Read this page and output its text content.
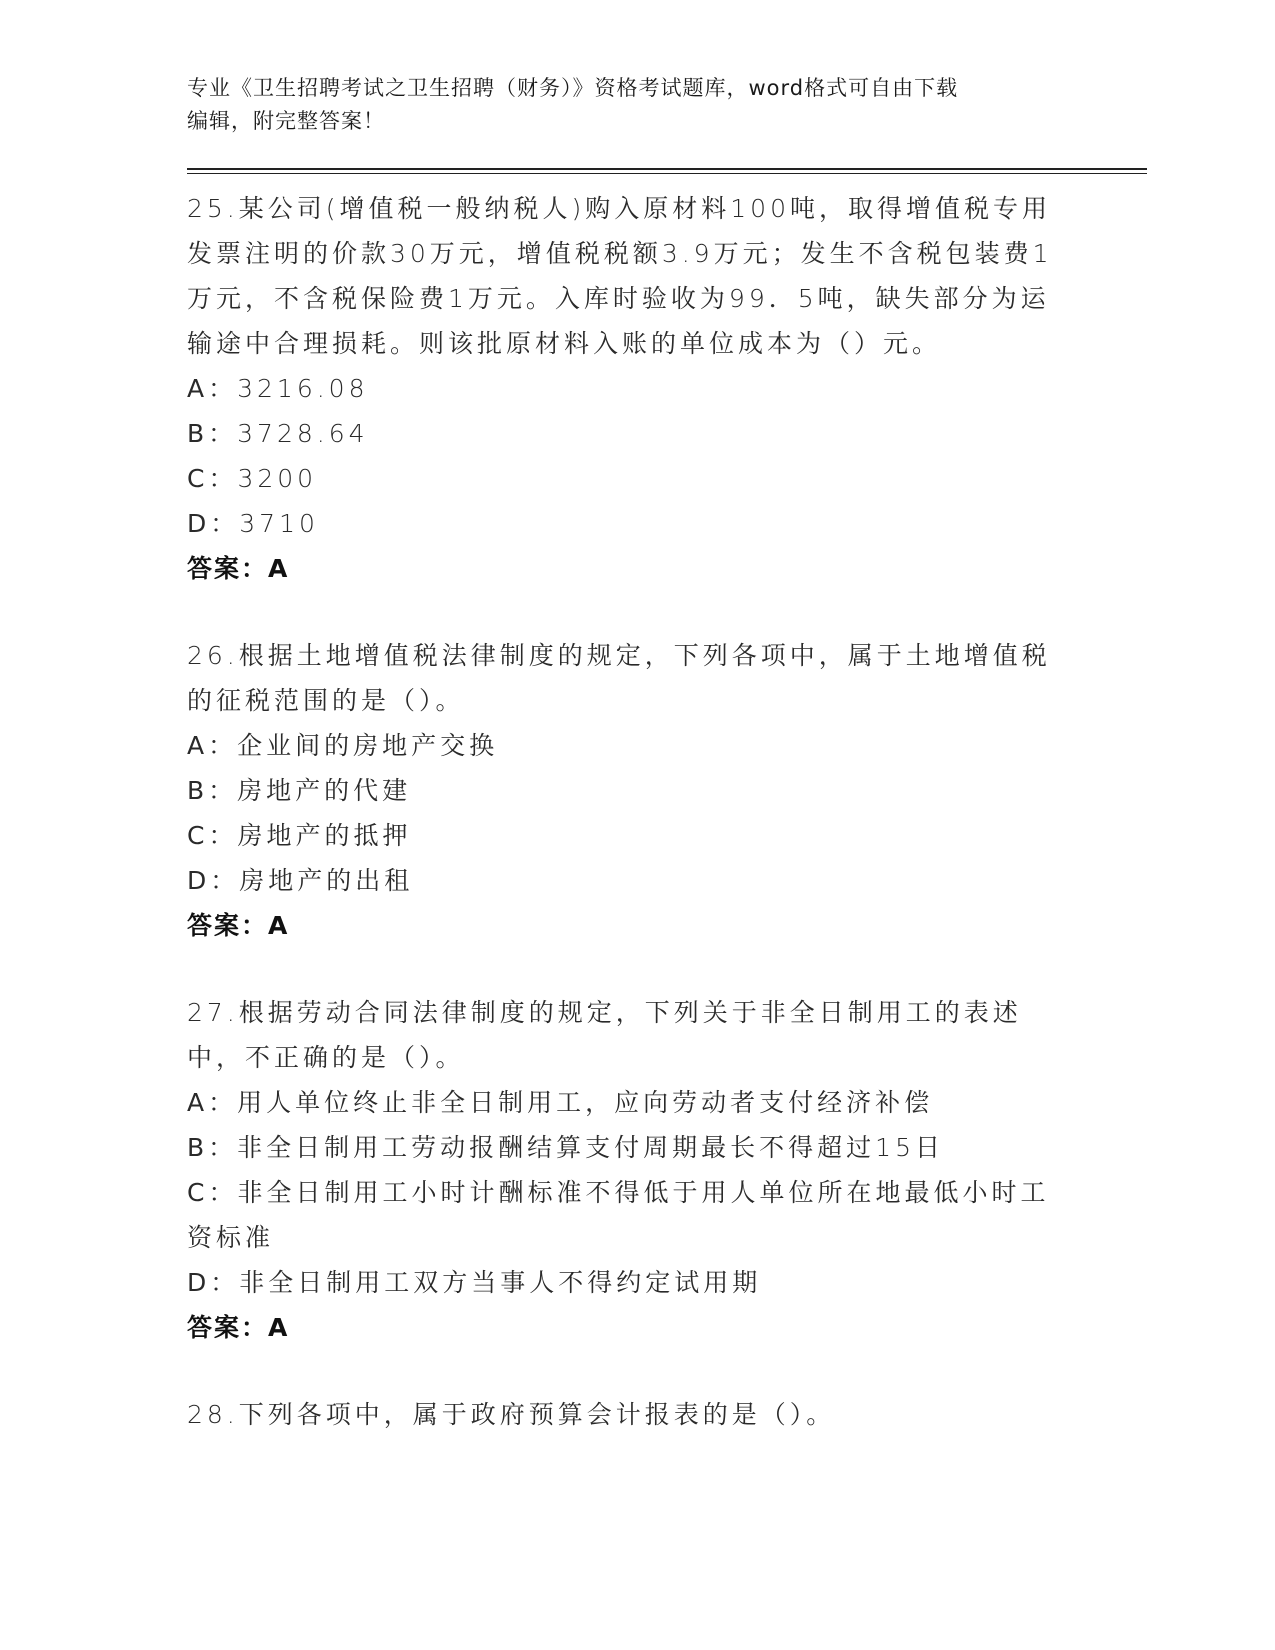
专业《卫生招聘考试之卫生招聘（财务）》资格考试题库，word格式可自由下载
编辑，附完整答案！
25.某公司(增值税一般纳税人)购入原材料100吨，取得增值税专用发票注明的价款30万元，增值税税额3.9万元；发生不含税包装费1万元，不含税保险费1万元。入库时验收为99．5吨，缺失部分为运输途中合理损耗。则该批原材料入账的单位成本为（）元。
A：3216.08
B：3728.64
C：3200
D：3710
答案：A
26.根据土地增值税法律制度的规定，下列各项中，属于土地增值税的征税范围的是（）。
A：企业间的房地产交换
B：房地产的代建
C：房地产的抵押
D：房地产的出租
答案：A
27.根据劳动合同法律制度的规定，下列关于非全日制用工的表述中，不正确的是（）。
A：用人单位终止非全日制用工，应向劳动者支付经济补偿
B：非全日制用工劳动报酬结算支付周期最长不得超过15日
C：非全日制用工小时计酬标准不得低于用人单位所在地最低小时工资标准
D：非全日制用工双方当事人不得约定试用期
答案：A
28.下列各项中，属于政府预算会计报表的是（）。
